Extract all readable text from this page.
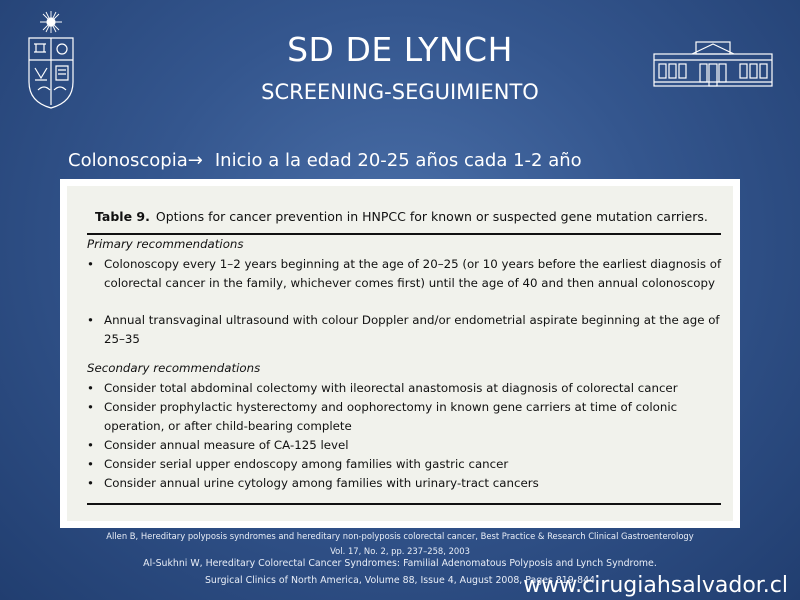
SD DE LYNCH
SCREENING-SEGUIMIENTO
Colonoscopia→ Inicio a la edad 20-25 años cada 1-2 año
Table 9. Options for cancer prevention in HNPCC for known or suspected gene mutation carriers.
Primary recommendations
• Colonoscopy every 1–2 years beginning at the age of 20–25 (or 10 years before the earliest diagnosis of colorectal cancer in the family, whichever comes first) until the age of 40 and then annual colonoscopy
• Annual transvaginal ultrasound with colour Doppler and/or endometrial aspirate beginning at the age of 25–35
Secondary recommendations
• Consider total abdominal colectomy with ileorectal anastomosis at diagnosis of colorectal cancer
• Consider prophylactic hysterectomy and oophorectomy in known gene carriers at time of colonic operation, or after child-bearing complete
• Consider annual measure of CA-125 level
• Consider serial upper endoscopy among families with gastric cancer
• Consider annual urine cytology among families with urinary-tract cancers
Allen B, Hereditary polyposis syndromes and hereditary non-polyposis colorectal cancer, Best Practice & Research Clinical Gastroenterology
Vol. 17, No. 2, pp. 237–258, 2003
Al-Sukhni W, Hereditary Colorectal Cancer Syndromes: Familial Adenomatous Polyposis and Lynch Syndrome.
Surgical Clinics of North America, Volume 88, Issue 4, August 2008, Pages 819-844
www.cirugiahsalvador.cl
